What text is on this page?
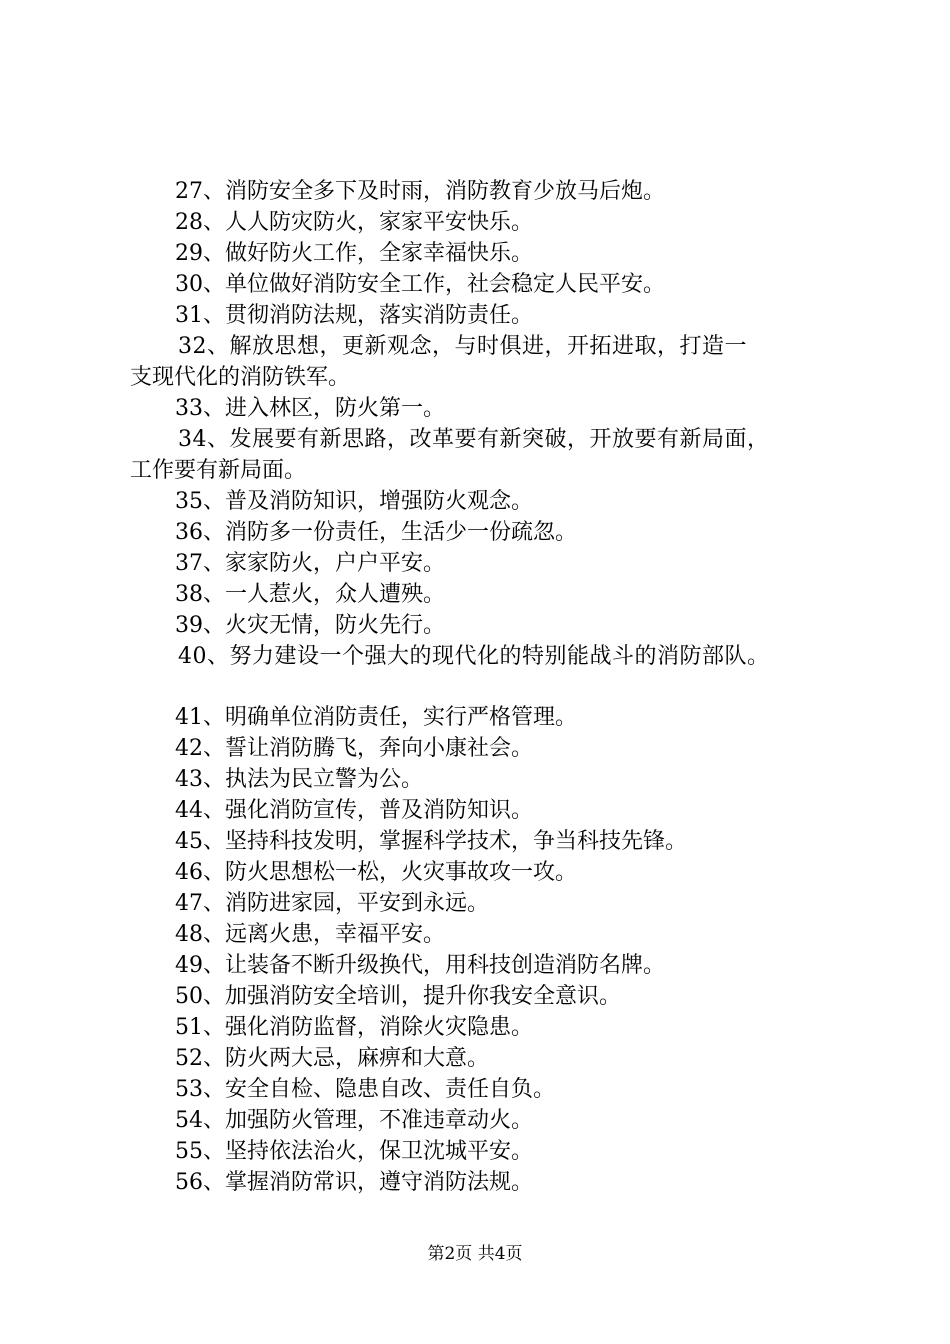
27、消防安全多下及时雨，消防教育少放马后炮。
28、人人防灾防火，家家平安快乐。
29、做好防火工作，全家幸福快乐。
30、单位做好消防安全工作，社会稳定人民平安。
31、贯彻消防法规，落实消防责任。
32、解放思想，更新观念，与时俱进，开拓进取，打造一
支现代化的消防铁军。
33、进入林区，防火第一。
34、发展要有新思路，改革要有新突破，开放要有新局面，
工作要有新局面。
35、普及消防知识，增强防火观念。
36、消防多一份责任，生活少一份疏忽。
37、家家防火，户户平安。
38、一人惹火，众人遭殃。
39、火灾无情，防火先行。
40、努力建设一个强大的现代化的特别能战斗的消防部队。
41、明确单位消防责任，实行严格管理。
42、誓让消防腾飞，奔向小康社会。
43、执法为民立警为公。
44、强化消防宣传，普及消防知识。
45、坚持科技发明，掌握科学技术，争当科技先锋。
46、防火思想松一松，火灾事故攻一攻。
47、消防进家园，平安到永远。
48、远离火患，幸福平安。
49、让装备不断升级换代，用科技创造消防名牌。
50、加强消防安全培训，提升你我安全意识。
51、强化消防监督，消除火灾隐患。
52、防火两大忌，麻痹和大意。
53、安全自检、隐患自改、责任自负。
54、加强防火管理，不准违章动火。
55、坚持依法治火，保卫沈城平安。
56、掌握消防常识，遵守消防法规。
第2页 共4页
